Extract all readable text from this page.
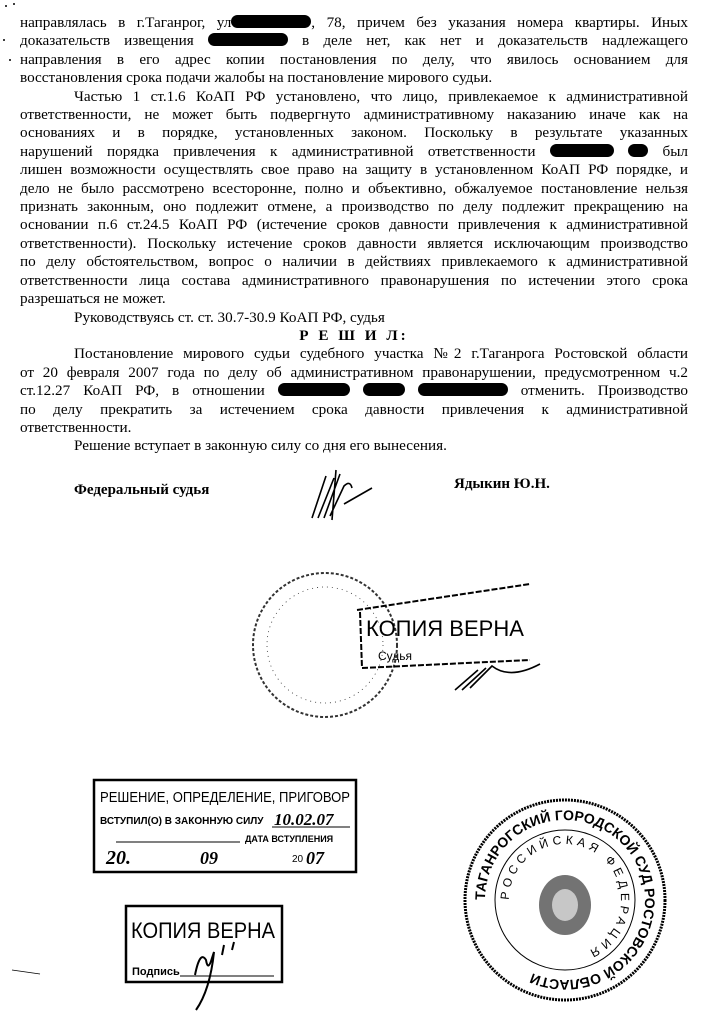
направлялась в г.Таганрог, ул	, 78, причем без указания номера квартиры. Иных
доказательств извещения	в деле нет, как нет и доказательств надлежащего
направления в его адрес копии постановления по делу, что явилось основанием для
восстановления срока подачи жалобы на постановление мирового судьи.
Частью 1 ст.1.6 КоАП РФ установлено, что лицо, привлекаемое к административной
ответственности, не может быть подвергнуто административному наказанию иначе как на
основаниях и в порядке, установленных законом. Поскольку в результате указанных
нарушений порядка привлечения к административной ответственности	был
лишен возможности осуществлять свое право на защиту в установленном КоАП РФ порядке, и
дело не было рассмотрено всесторонне, полно и объективно, обжалуемое постановление нельзя
признать законным, оно подлежит отмене, а производство по делу подлежит прекращению на
основании п.6 ст.24.5 КоАП РФ (истечение сроков давности привлечения к административной
ответственности). Поскольку истечение сроков давности является исключающим производство
по делу обстоятельством, вопрос о наличии в действиях привлекаемого к административной
ответственности лица состава административного правонарушения по истечении этого срока
разрешаться не может.
Руководствуясь ст. ст. 30.7-30.9 КоАП РФ, судья
Р Е Ш И Л:
Постановление мирового судьи судебного участка №2 г.Таганрога Ростовской области
от 20 февраля 2007 года по делу об административном правонарушении, предусмотренном ч.2
ст.12.27 КоАП РФ, в отношении	отменить. Производство
по делу прекратить за истечением срока давности привлечения к административной
ответственности.
Решение вступает в законную силу со дня его вынесения.
Федеральный судья	Ядыкин Ю.Н.
КОПИЯ ВЕРНА
Судья
ТАГАНРОГСКИЙ ГОРОДСКОЙ СУД РОСТОВСКОЙ ОБЛАСТИ
РОССИЙСКАЯ ФЕДЕРАЦИЯ
РЕШЕНИЕ, ОПРЕДЕЛЕНИЕ, ПРИГОВОР
ВСТУПИЛ(О) В ЗАКОННУЮ СИЛУ 10.02.07
ДАТА ВСТУПЛЕНИЯ
20.	09	20 07
КОПИЯ ВЕРНА
Подпись
